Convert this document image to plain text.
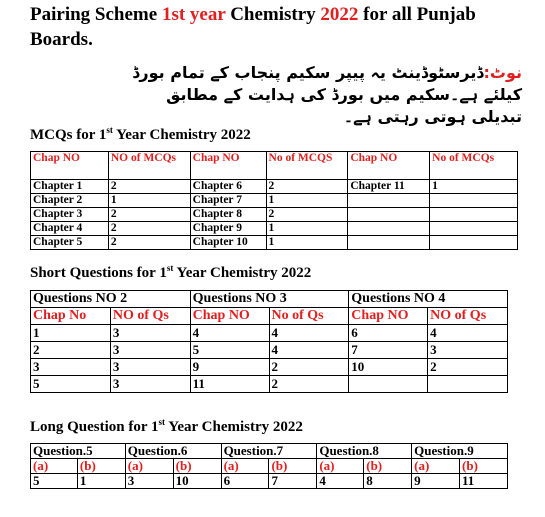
Pairing Scheme 1st year Chemistry 2022 for all Punjab Boards.
نوٹ:ڈیرسٹوڈینٹ یہ پیپر سکیم پنجاب کے تمام بورڈ کیلئے ہے۔سکیم میں بورڈ کی ہدایت کے مطابق تبدیلی ہوتی رہتی ہے۔
MCQs for 1st Year Chemistry 2022
Chap NO	NO of MCQs	Chap NO	No of MCQS	Chap NO	No of MCQs
Chapter 1	2	Chapter 6	2	Chapter 11	1
Chapter 2	1	Chapter 7	1		
Chapter 3	2	Chapter 8	2		
Chapter 4	2	Chapter 9	1		
Chapter 5	2	Chapter 10	1		
Short Questions for 1st Year Chemistry 2022
Questions NO 2		Questions NO 3		Questions NO 4	
Chap No	NO of Qs	Chap NO	No of Qs	Chap NO	NO of Qs
1	3	4	4	6	4
2	3	5	4	7	3
3	3	9	2	10	2
5	3	11	2		
Long Question for 1st Year Chemistry 2022
Question.5		Question.6		Question.7		Question.8		Question.9	
(a)	(b)	(a)	(b)	(a)	(b)	(a)	(b)	(a)	(b)
5	1	3	10	6	7	4	8	9	11
